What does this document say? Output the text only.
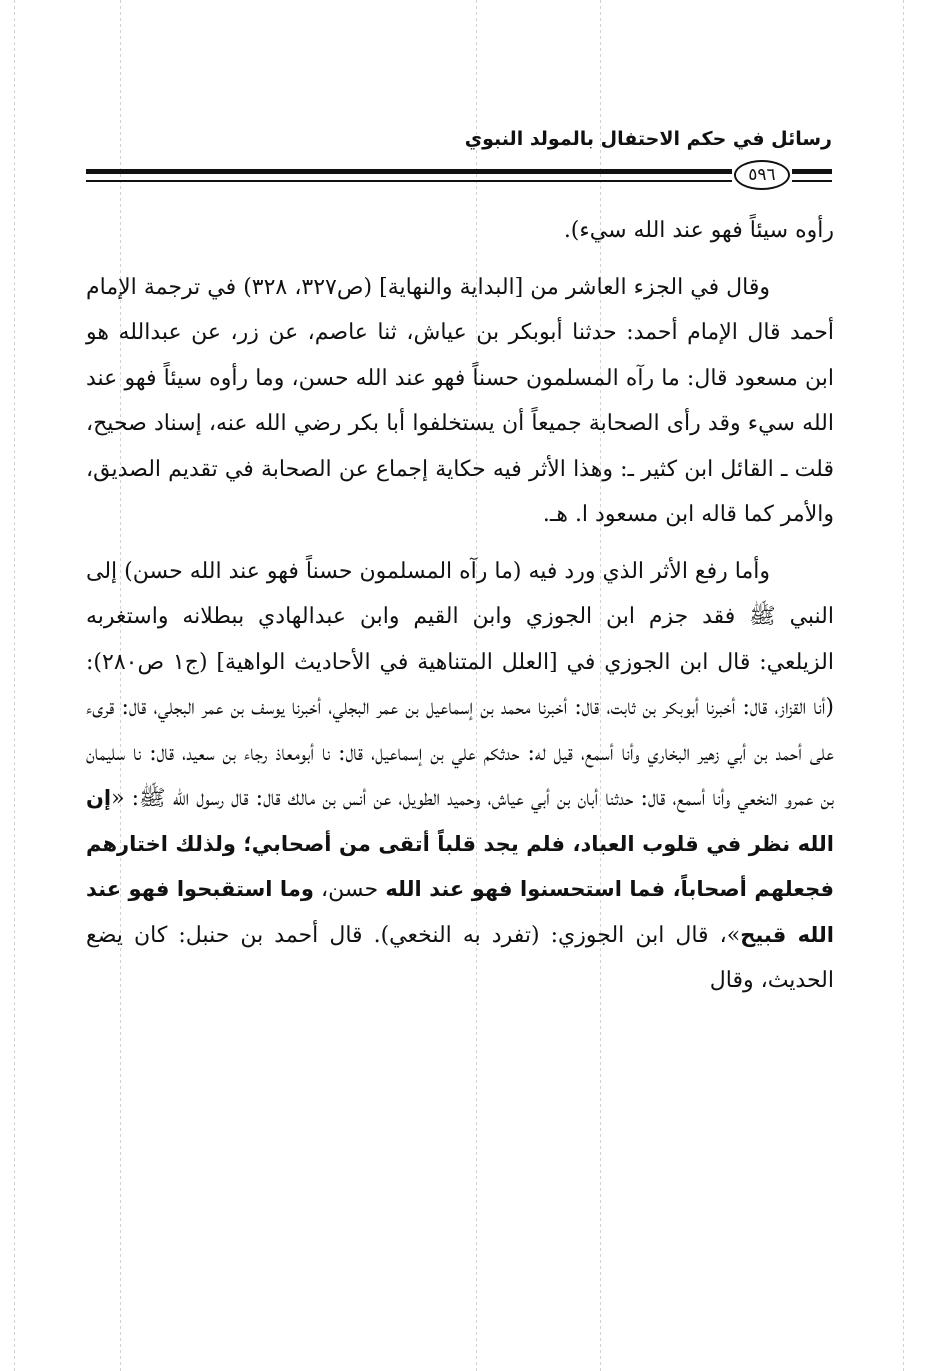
رسائل في حكم الاحتفال بالمولد النبوي
٥٩٦

رأوه سيئاً فهو عند الله سيء).

وقال في الجزء العاشر من [البداية والنهاية] (ص٣٢٧، ٣٢٨) في ترجمة الإمام أحمد قال الإمام أحمد: حدثنا أبوبكر بن عياش، ثنا عاصم، عن زر، عن عبدالله هو ابن مسعود قال: ما رآه المسلمون حسناً فهو عند الله حسن، وما رأوه سيئاً فهو عند الله سيء وقد رأى الصحابة جميعاً أن يستخلفوا أبا بكر رضي الله عنه، إسناد صحيح، قلت ـ القائل ابن كثير ـ: وهذا الأثر فيه حكاية إجماع عن الصحابة في تقديم الصديق، والأمر كما قاله ابن مسعود ا. هـ.

وأما رفع الأثر الذي ورد فيه (ما رآه المسلمون حسناً فهو عند الله حسن) إلى النبي ﷺ فقد جزم ابن الجوزي وابن القيم وابن عبدالهادي ببطلانه واستغربه الزيلعي: قال ابن الجوزي في [العلل المتناهية في الأحاديث الواهية] (ج١ ص٢٨٠): (أنا القزاز، قال: أخبرنا أبوبكر بن ثابت، قال: أخبرنا محمد بن إسماعيل بن عمر البجلي، أخبرنا يوسف بن عمر البجلي، قال: قرىء على أحمد بن أبي زهير البخاري وأنا أسمع، قيل له: حدثكم علي بن إسماعيل، قال: نا أبومعاذ رجاء بن سعيد، قال: نا سليمان بن عمرو النخعي وأنا أسمع، قال: حدثنا أبان بن أبي عياش، وحميد الطويل، عن أنس بن مالك قال: قال رسول الله ﷺ: «إن الله نظر في قلوب العباد، فلم يجد قلباً أتقى من أصحابي؛ ولذلك اختارهم فجعلهم أصحاباً، فما استحسنوا فهو عند الله حسن، وما استقبحوا فهو عند الله قبيح»، قال ابن الجوزي: (تفرد به النخعي). قال أحمد بن حنبل: كان يضع الحديث، وقال
